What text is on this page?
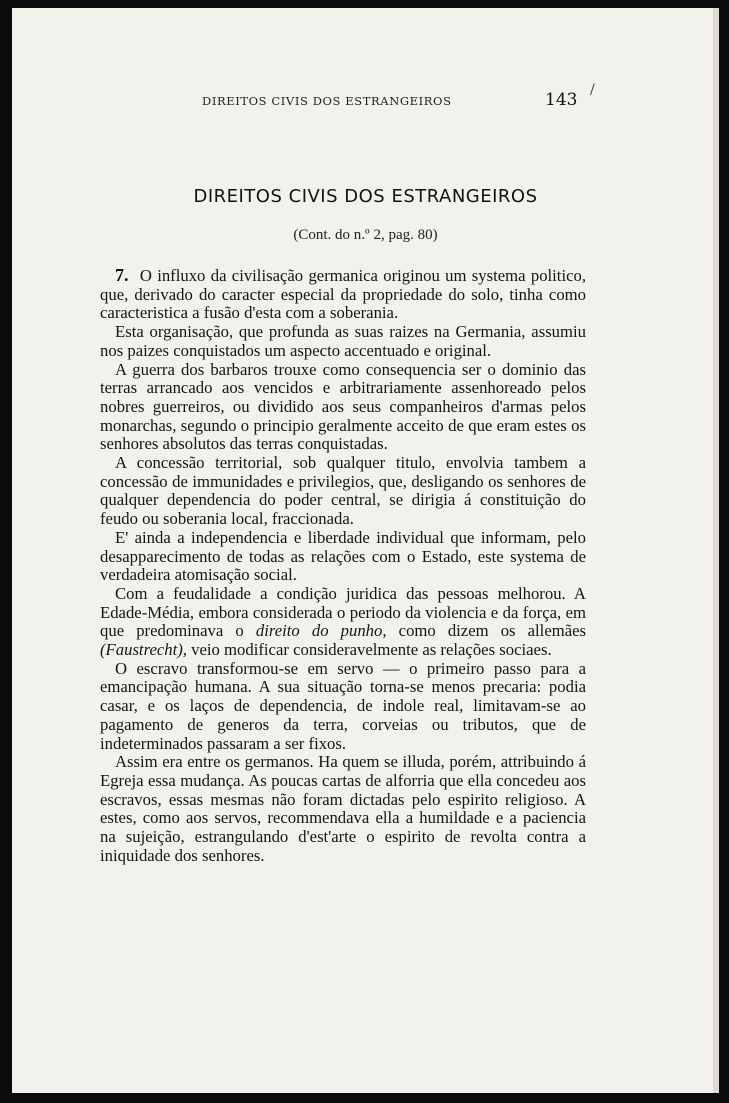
DIREITOS CIVIS DOS ESTRANGEIROS	143 /
DIREITOS CIVIS DOS ESTRANGEIROS
(Cont. do n.º 2, pag. 80)

7. O influxo da civilisação germanica originou um systema politico, que, derivado do caracter especial da propriedade do solo, tinha como caracteristica a fusão d'esta com a soberania.

Esta organisação, que profunda as suas raizes na Germania, assumiu nos paizes conquistados um aspecto accentuado e original.

A guerra dos barbaros trouxe como consequencia ser o dominio das terras arrancado aos vencidos e arbitrariamente assenhoreado pelos nobres guerreiros, ou dividido aos seus companheiros d'armas pelos monarchas, segundo o principio geralmente acceito de que eram estes os senhores absolutos das terras conquistadas.

A concessão territorial, sob qualquer titulo, envolvia tambem a concessão de immunidades e privilegios, que, desligando os senhores de qualquer dependencia do poder central, se dirigia á constituição do feudo ou soberania local, fraccionada.

E' ainda a independencia e liberdade individual que informam, pelo desapparecimento de todas as relações com o Estado, este systema de verdadeira atomisação social.

Com a feudalidade a condição juridica das pessoas melhorou. A Edade-Média, embora considerada o periodo da violencia e da força, em que predominava o direito do punho, como dizem os allemães (Faustrecht), veio modificar consideravelmente as relações sociaes.

O escravo transformou-se em servo — o primeiro passo para a emancipação humana. A sua situação torna-se menos precaria: podia casar, e os laços de dependencia, de indole real, limitavam-se ao pagamento de generos da terra, corveias ou tributos, que de indeterminados passaram a ser fixos.

Assim era entre os germanos. Ha quem se illuda, porém, attribuindo á Egreja essa mudança. As poucas cartas de alforria que ella concedeu aos escravos, essas mesmas não foram dictadas pelo espirito religioso. A estes, como aos servos, recommendava ella a humildade e a paciencia na sujeição, estrangulando d'est'arte o espirito de revolta contra a iniquidade dos senhores.
